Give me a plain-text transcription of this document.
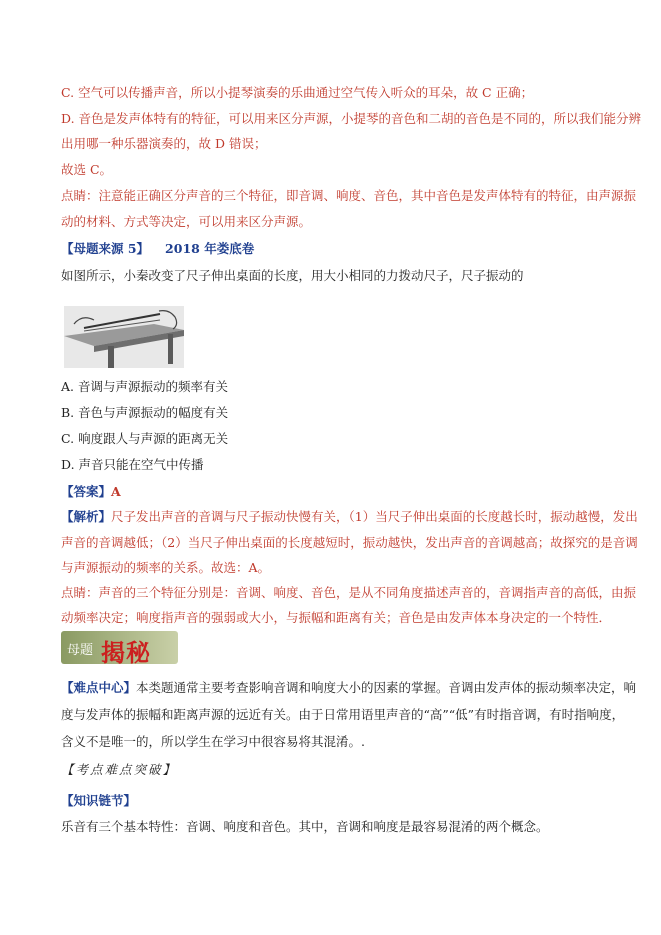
C. 空气可以传播声音，所以小提琴演奏的乐曲通过空气传入听众的耳朵，故 C 正确；
D. 音色是发声体特有的特征，可以用来区分声源，小提琴的音色和二胡的音色是不同的，所以我们能分辨
出用哪一种乐器演奏的，故 D 错误；
故选 C。
点睛：注意能正确区分声音的三个特征，即音调、响度、音色，其中音色是发声体特有的特征，由声源振
动的材料、方式等决定，可以用来区分声源。
【母题来源 5】 2018 年娄底卷
如图所示，小秦改变了尺子伸出桌面的长度，用大小相同的力拨动尺子，尺子振动的
A. 音调与声源振动的频率有关
B. 音色与声源振动的幅度有关
C. 响度跟人与声源的距离无关
D. 声音只能在空气中传播
【答案】A
【解析】尺子发出声音的音调与尺子振动快慢有关，（1）当尺子伸出桌面的长度越长时，振动越慢，发出
声音的音调越低；（2）当尺子伸出桌面的长度越短时，振动越快，发出声音的音调越高；故探究的是音调
与声源振动的频率的关系。故选：A。
点睛：声音的三个特征分别是：音调、响度、音色，是从不同角度描述声音的，音调指声音的高低，由振
动频率决定；响度指声音的强弱或大小，与振幅和距离有关；音色是由发声体本身决定的一个特性．
母题 揭秘
【难点中心】本类题通常主要考查影响音调和响度大小的因素的掌握。音调由发声体的振动频率决定，响
度与发声体的振幅和距离声源的远近有关。由于日常用语里声音的“高”“低”有时指音调，有时指响度，
含义不是唯一的，所以学生在学习中很容易将其混淆。.
【考点难点突破】
【知识链节】
乐音有三个基本特性：音调、响度和音色。其中，音调和响度是最容易混淆的两个概念。
